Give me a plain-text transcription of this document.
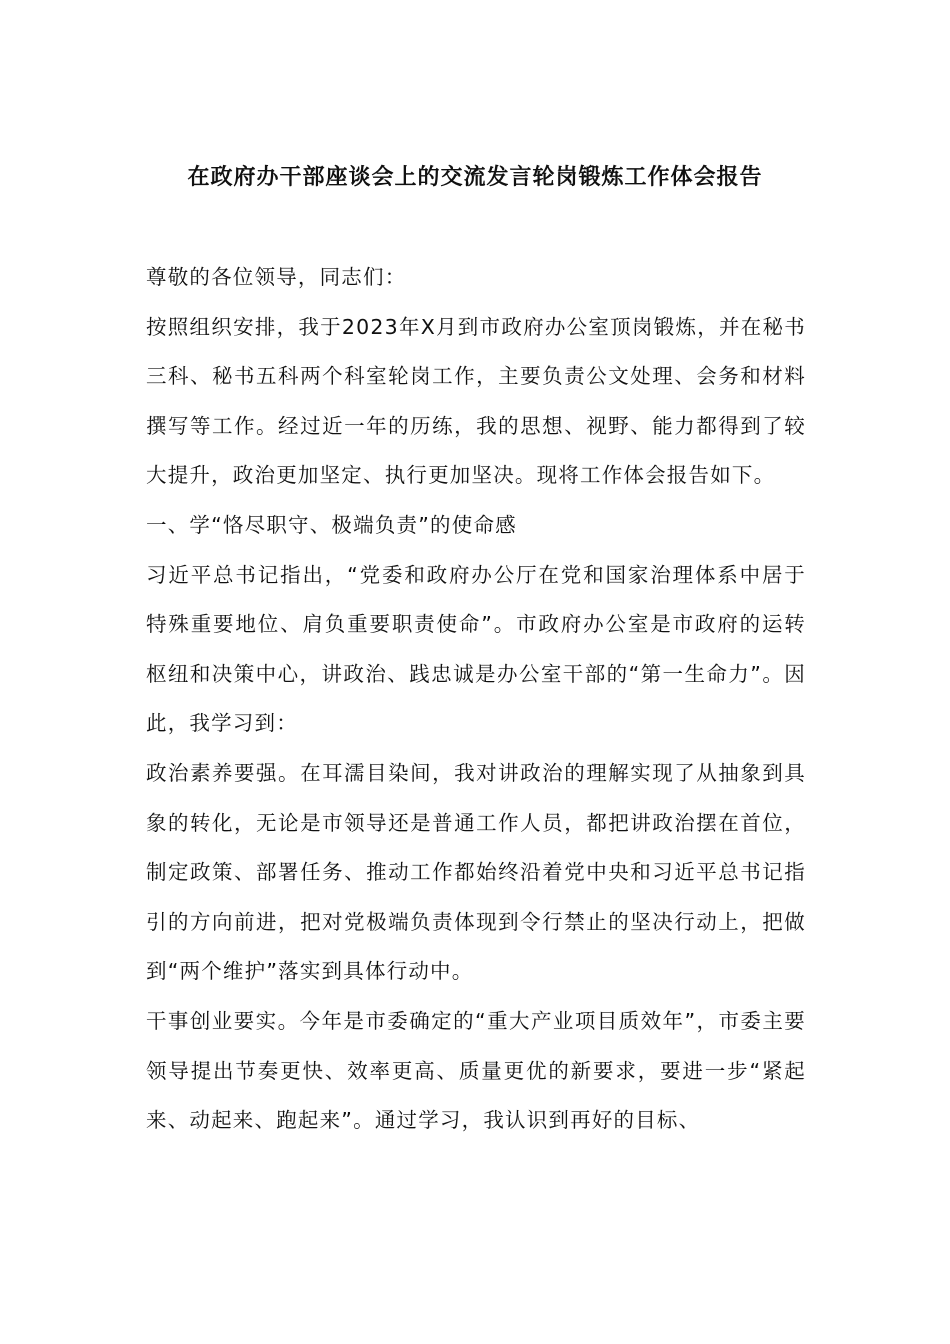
在政府办干部座谈会上的交流发言轮岗锻炼工作体会报告

尊敬的各位领导，同志们：

按照组织安排，我于2023年X月到市政府办公室顶岗锻炼，并在秘书三科、秘书五科两个科室轮岗工作，主要负责公文处理、会务和材料撰写等工作。经过近一年的历练，我的思想、视野、能力都得到了较大提升，政治更加坚定、执行更加坚决。现将工作体会报告如下。

一、学“恪尽职守、极端负责”的使命感

习近平总书记指出，“党委和政府办公厅在党和国家治理体系中居于特殊重要地位、肩负重要职责使命”。市政府办公室是市政府的运转枢纽和决策中心，讲政治、践忠诚是办公室干部的“第一生命力”。因此，我学习到：

政治素养要强。在耳濡目染间，我对讲政治的理解实现了从抽象到具象的转化，无论是市领导还是普通工作人员，都把讲政治摆在首位，制定政策、部署任务、推动工作都始终沿着党中央和习近平总书记指引的方向前进，把对党极端负责体现到令行禁止的坚决行动上，把做到“两个维护”落实到具体行动中。

干事创业要实。今年是市委确定的“重大产业项目质效年”，市委主要领导提出节奏更快、效率更高、质量更优的新要求，要进一步“紧起来、动起来、跑起来”。通过学习，我认识到再好的目标、
